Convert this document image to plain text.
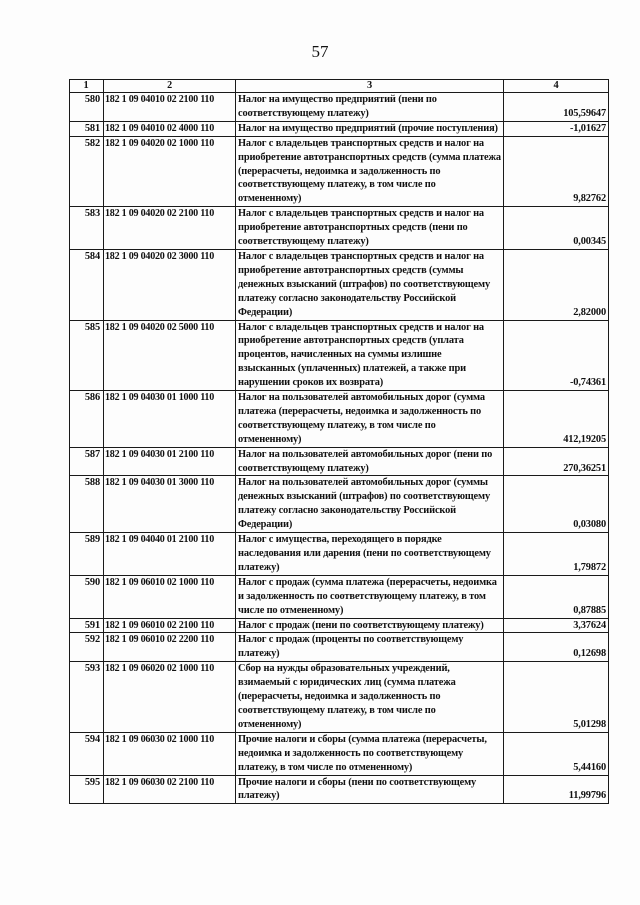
57
1	2	3	4
580	182 1 09 04010 02 2100 110	Налог на имущество предприятий (пени по соответствующему платежу)	105,59647
581	182 1 09 04010 02 4000 110	Налог на имущество предприятий (прочие поступления)	-1,01627
582	182 1 09 04020 02 1000 110	Налог с владельцев транспортных средств и налог на приобретение автотранспортных средств (сумма платежа (перерасчеты, недоимка и задолженность по соответствующему платежу, в том числе по отмененному)	9,82762
583	182 1 09 04020 02 2100 110	Налог с владельцев транспортных средств и налог на приобретение автотранспортных средств (пени по соответствующему платежу)	0,00345
584	182 1 09 04020 02 3000 110	Налог с владельцев транспортных средств и налог на приобретение автотранспортных средств (суммы денежных взысканий (штрафов) по соответствующему платежу согласно законодательству Российской Федерации)	2,82000
585	182 1 09 04020 02 5000 110	Налог с владельцев транспортных средств и налог на приобретение автотранспортных средств (уплата процентов, начисленных на суммы излишне взысканных (уплаченных) платежей, а также при нарушении сроков их возврата)	-0,74361
586	182 1 09 04030 01 1000 110	Налог на пользователей автомобильных дорог (сумма платежа (перерасчеты, недоимка и задолженность по соответствующему платежу, в том числе по отмененному)	412,19205
587	182 1 09 04030 01 2100 110	Налог на пользователей автомобильных дорог (пени по соответствующему платежу)	270,36251
588	182 1 09 04030 01 3000 110	Налог на пользователей автомобильных дорог (суммы денежных взысканий (штрафов) по соответствующему платежу согласно законодательству Российской Федерации)	0,03080
589	182 1 09 04040 01 2100 110	Налог с имущества, переходящего в порядке наследования или дарения (пени по соответствующему платежу)	1,79872
590	182 1 09 06010 02 1000 110	Налог с продаж (сумма платежа (перерасчеты, недоимка и задолженность по соответствующему платежу, в том числе по отмененному)	0,87885
591	182 1 09 06010 02 2100 110	Налог с продаж (пени по соответствующему платежу)	3,37624
592	182 1 09 06010 02 2200 110	Налог с продаж (проценты по соответствующему платежу)	0,12698
593	182 1 09 06020 02 1000 110	Сбор на нужды образовательных учреждений, взимаемый с юридических лиц (сумма платежа (перерасчеты, недоимка и задолженность по соответствующему платежу, в том числе по отмененному)	5,01298
594	182 1 09 06030 02 1000 110	Прочие налоги и сборы (сумма платежа (перерасчеты, недоимка и задолженность по соответствующему платежу, в том числе по отмененному)	5,44160
595	182 1 09 06030 02 2100 110	Прочие налоги и сборы (пени по соответствующему платежу)	11,99796
